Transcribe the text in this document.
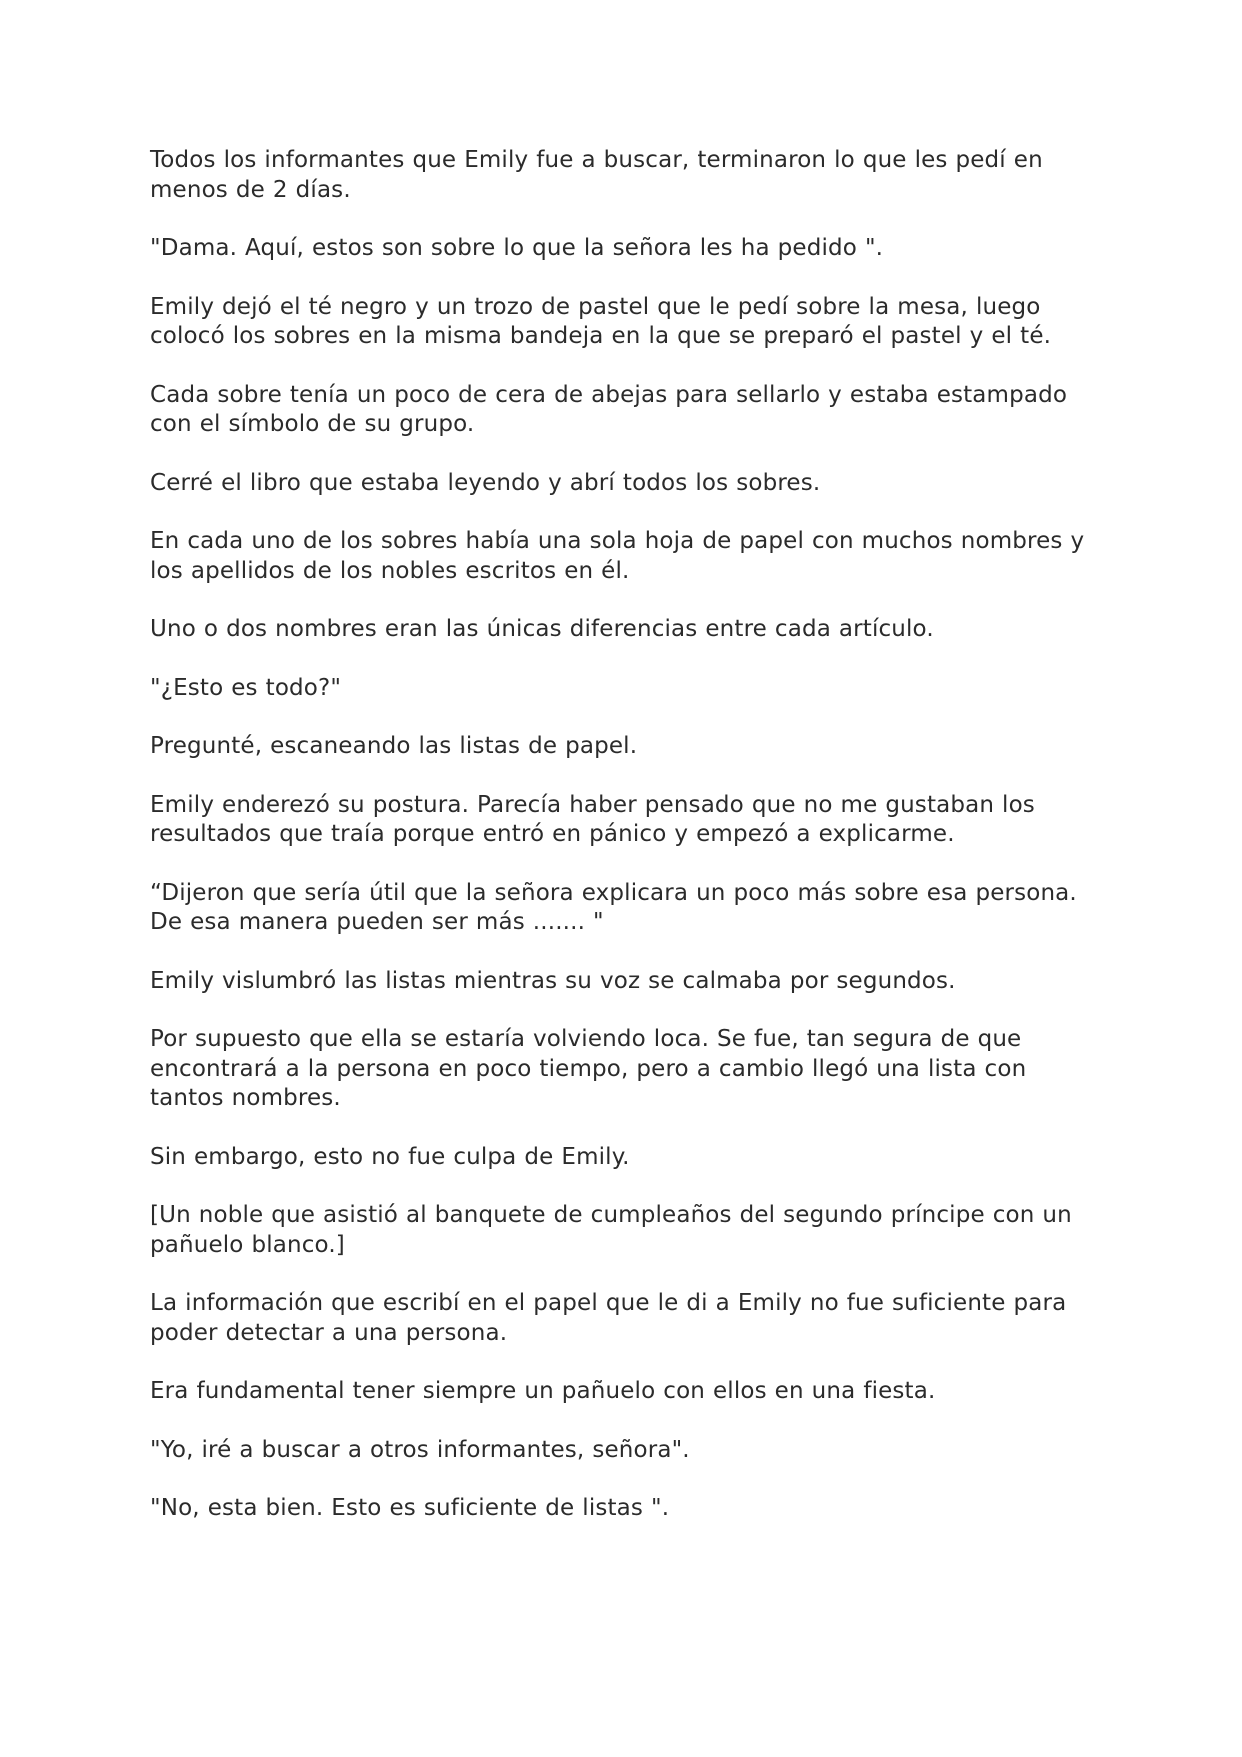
Todos los informantes que Emily fue a buscar, terminaron lo que les pedí en menos de 2 días.

"Dama. Aquí, estos son sobre lo que la señora les ha pedido ".

Emily dejó el té negro y un trozo de pastel que le pedí sobre la mesa, luego colocó los sobres en la misma bandeja en la que se preparó el pastel y el té.

Cada sobre tenía un poco de cera de abejas para sellarlo y estaba estampado con el símbolo de su grupo.

Cerré el libro que estaba leyendo y abrí todos los sobres.

En cada uno de los sobres había una sola hoja de papel con muchos nombres y los apellidos de los nobles escritos en él.

Uno o dos nombres eran las únicas diferencias entre cada artículo.

"¿Esto es todo?"

Pregunté, escaneando las listas de papel.

Emily enderezó su postura. Parecía haber pensado que no me gustaban los resultados que traía porque entró en pánico y empezó a explicarme.

“Dijeron que sería útil que la señora explicara un poco más sobre esa persona. De esa manera pueden ser más ....... "

Emily vislumbró las listas mientras su voz se calmaba por segundos.

Por supuesto que ella se estaría volviendo loca. Se fue, tan segura de que encontrará a la persona en poco tiempo, pero a cambio llegó una lista con tantos nombres.

Sin embargo, esto no fue culpa de Emily.

[Un noble que asistió al banquete de cumpleaños del segundo príncipe con un pañuelo blanco.]

La información que escribí en el papel que le di a Emily no fue suficiente para poder detectar a una persona.

Era fundamental tener siempre un pañuelo con ellos en una fiesta.

"Yo, iré a buscar a otros informantes, señora".

"No, esta bien. Esto es suficiente de listas ".
